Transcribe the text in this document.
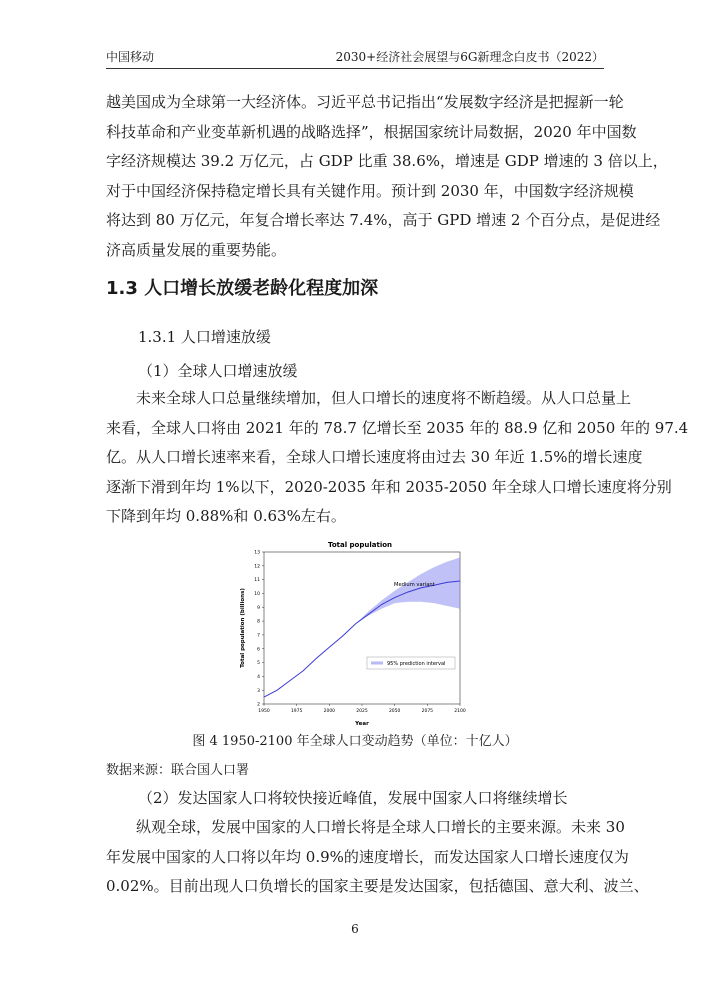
中国移动	2030+经济社会展望与6G新理念白皮书（2022）
越美国成为全球第一大经济体。习近平总书记指出“发展数字经济是把握新一轮
科技革命和产业变革新机遇的战略选择”，根据国家统计局数据，2020 年中国数
字经济规模达 39.2 万亿元，占 GDP 比重 38.6%，增速是 GDP 增速的 3 倍以上，
对于中国经济保持稳定增长具有关键作用。预计到 2030 年，中国数字经济规模
将达到 80 万亿元，年复合增长率达 7.4%，高于 GPD 增速 2 个百分点，是促进经
济高质量发展的重要势能。
1.3 人口增长放缓老龄化程度加深
1.3.1 人口增速放缓
（1）全球人口增速放缓
未来全球人口总量继续增加，但人口增长的速度将不断趋缓。从人口总量上
来看，全球人口将由 2021 年的 78.7 亿增长至 2035 年的 88.9 亿和 2050 年的 97.4
亿。从人口增长速率来看，全球人口增长速度将由过去 30 年近 1.5%的增长速度
逐渐下滑到年均 1%以下，2020-2035 年和 2035-2050 年全球人口增长速度将分别
下降到年均 0.88%和 0.63%左右。
Total population
1950	1975	2000	2025	2050	2075	2100
2
3
4
5
6
7
8
9
10
11
12
13
Medium variant
95% prediction interval
Year
Total population (billions)
图 4 1950-2100 年全球人口变动趋势（单位：十亿人）
数据来源：联合国人口署
（2）发达国家人口将较快接近峰值，发展中国家人口将继续增长
纵观全球，发展中国家的人口增长将是全球人口增长的主要来源。未来 30
年发展中国家的人口将以年均 0.9%的速度增长，而发达国家人口增长速度仅为
0.02%。目前出现人口负增长的国家主要是发达国家，包括德国、意大利、波兰、
6
